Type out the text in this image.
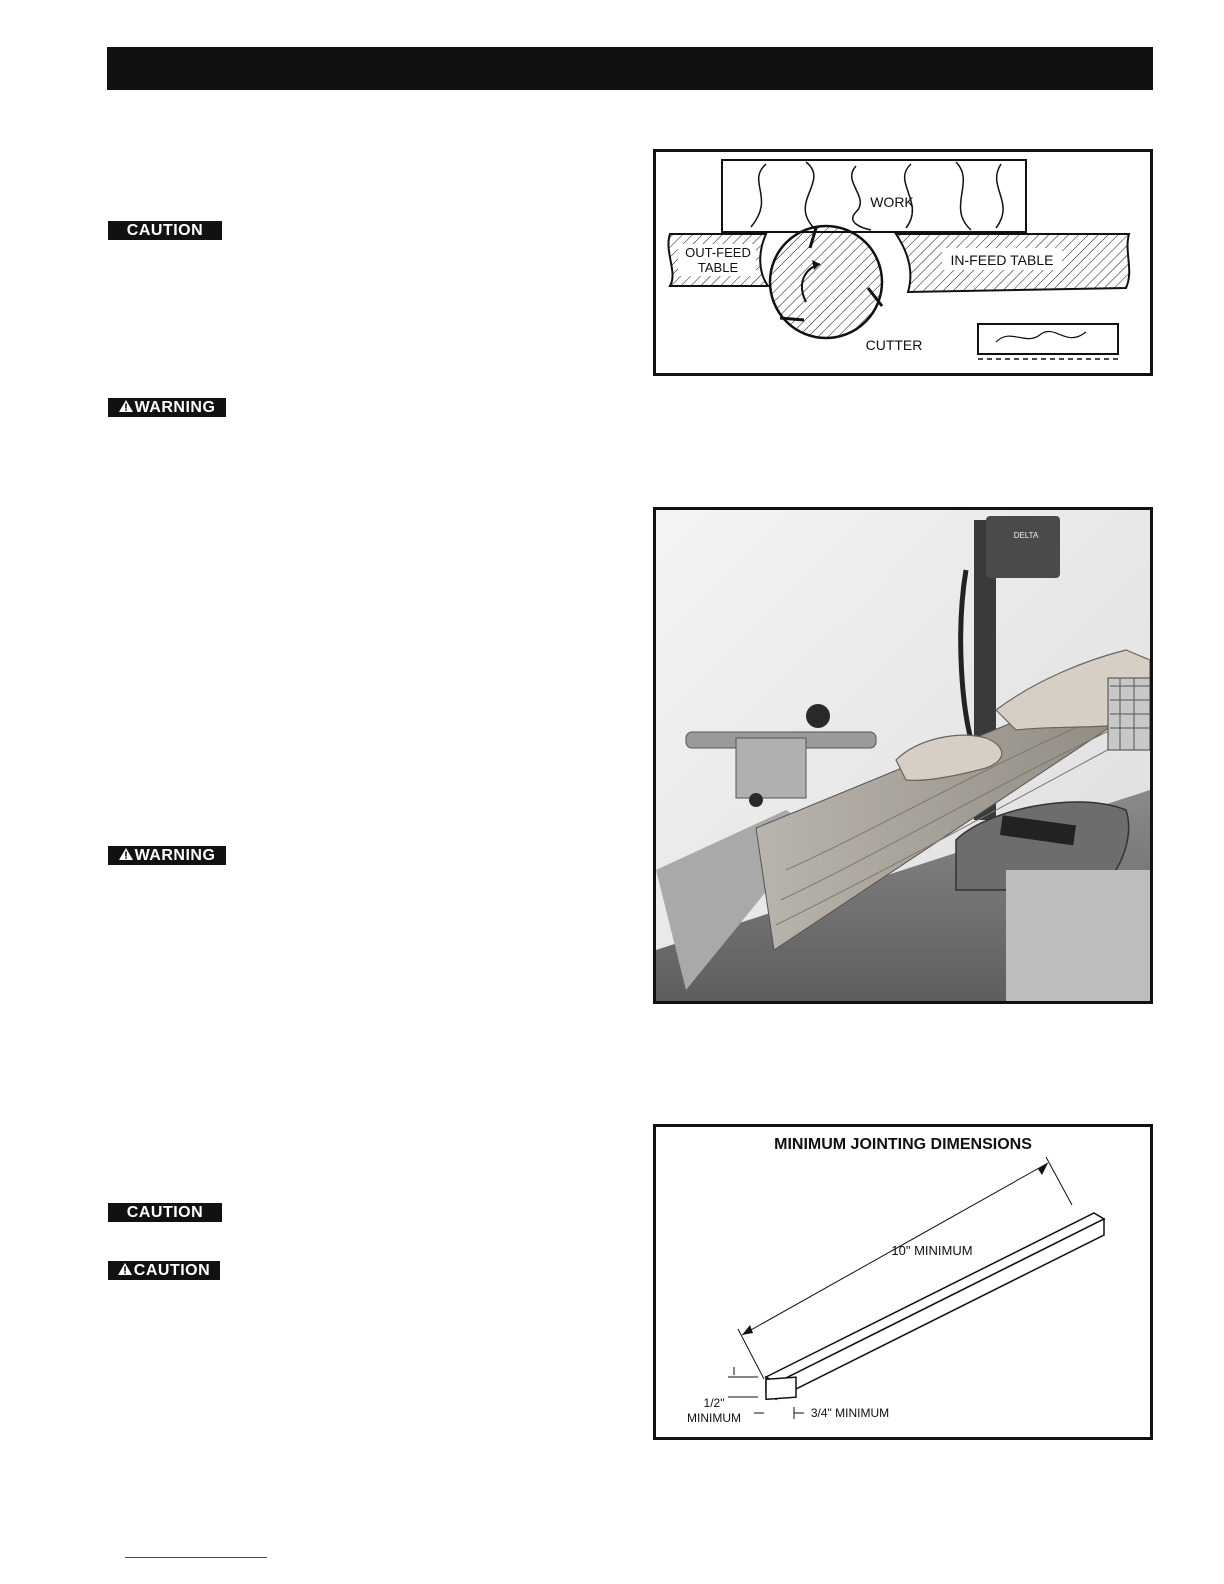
CAUTION
WARNING
WARNING
CAUTION
CAUTION
WORK
OUT-FEED
TABLE	IN-FEED TABLE
CUTTER
DELTA
MINIMUM JOINTING DIMENSIONS
10" MINIMUM
1/2"
MINIMUM	3/4" MINIMUM
